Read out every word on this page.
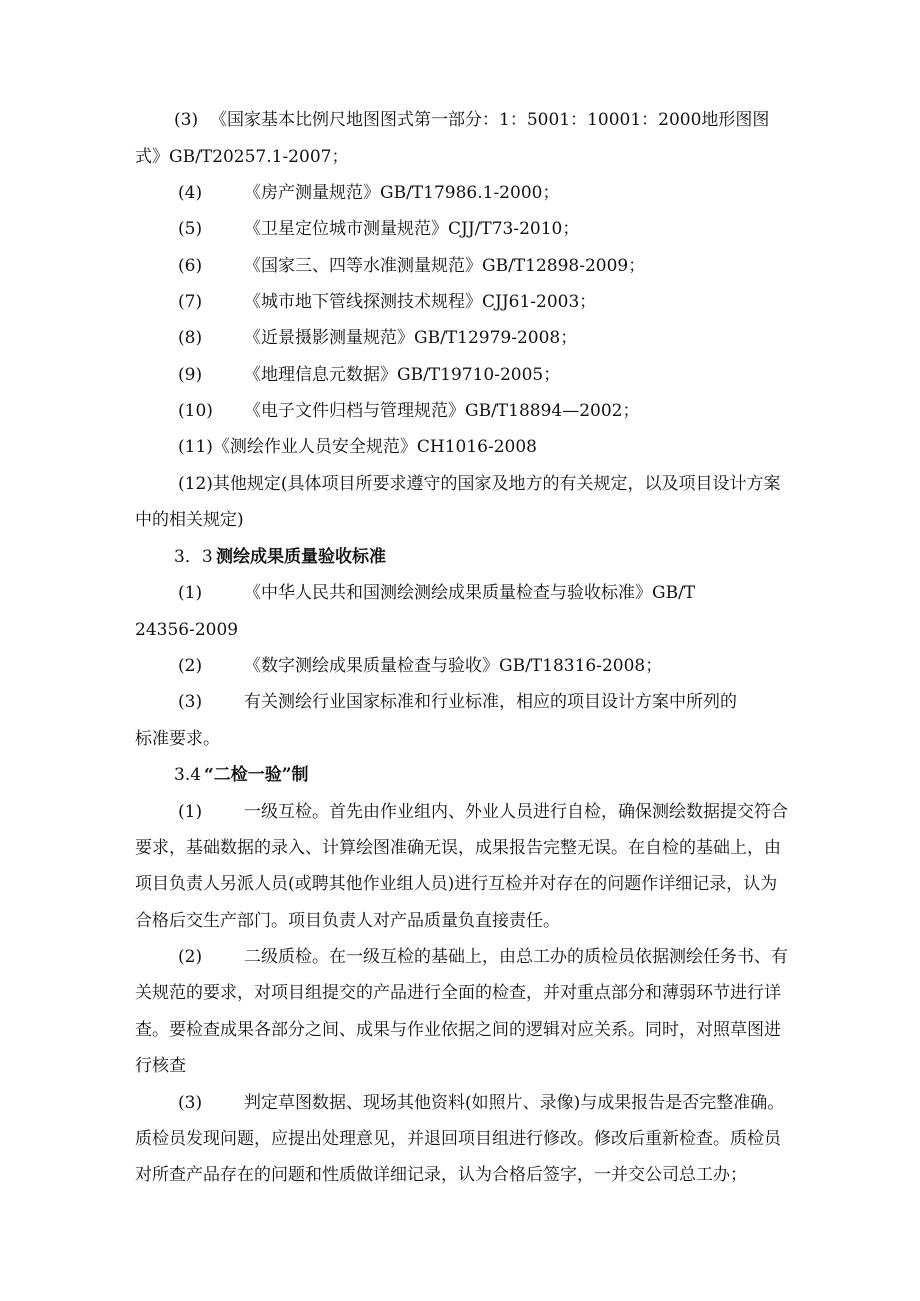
(3) 《国家基本比例尺地图图式第一部分：1：5001：10001：2000地形图图
式》GB/T20257.1-2007；
(4) 《房产测量规范》GB/T17986.1-2000；
(5) 《卫星定位城市测量规范》CJJ/T73-2010；
(6) 《国家三、四等水准测量规范》GB/T12898-2009；
(7) 《城市地下管线探测技术规程》CJJ61-2003；
(8) 《近景摄影测量规范》GB/T12979-2008；
(9) 《地理信息元数据》GB/T19710-2005；
(10) 《电子文件归档与管理规范》GB/T18894—2002；
(11)《测绘作业人员安全规范》CH1016-2008
(12)其他规定(具体项目所要求遵守的国家及地方的有关规定，以及项目设计方案
中的相关规定)
3．3 测绘成果质量验收标准
(1) 《中华人民共和国测绘测绘成果质量检查与验收标准》GB/T
24356-2009
(2) 《数字测绘成果质量检查与验收》GB/T18316-2008；
(3) 有关测绘行业国家标准和行业标准，相应的项目设计方案中所列的
标准要求。
3.4 “二检一验”制
(1) 一级互检。首先由作业组内、外业人员进行自检，确保测绘数据提交符合
要求，基础数据的录入、计算绘图准确无误，成果报告完整无误。在自检的基础上，由
项目负责人另派人员(或聘其他作业组人员)进行互检并对存在的问题作详细记录，认为
合格后交生产部门。项目负责人对产品质量负直接责任。
(2) 二级质检。在一级互检的基础上，由总工办的质检员依据测绘任务书、有
关规范的要求，对项目组提交的产品进行全面的检查，并对重点部分和薄弱环节进行详
查。要检查成果各部分之间、成果与作业依据之间的逻辑对应关系。同时，对照草图进
行核查
(3) 判定草图数据、现场其他资料(如照片、录像)与成果报告是否完整准确。
质检员发现问题，应提出处理意见，并退回项目组进行修改。修改后重新检查。质检员
对所查产品存在的问题和性质做详细记录，认为合格后签字，一并交公司总工办；
